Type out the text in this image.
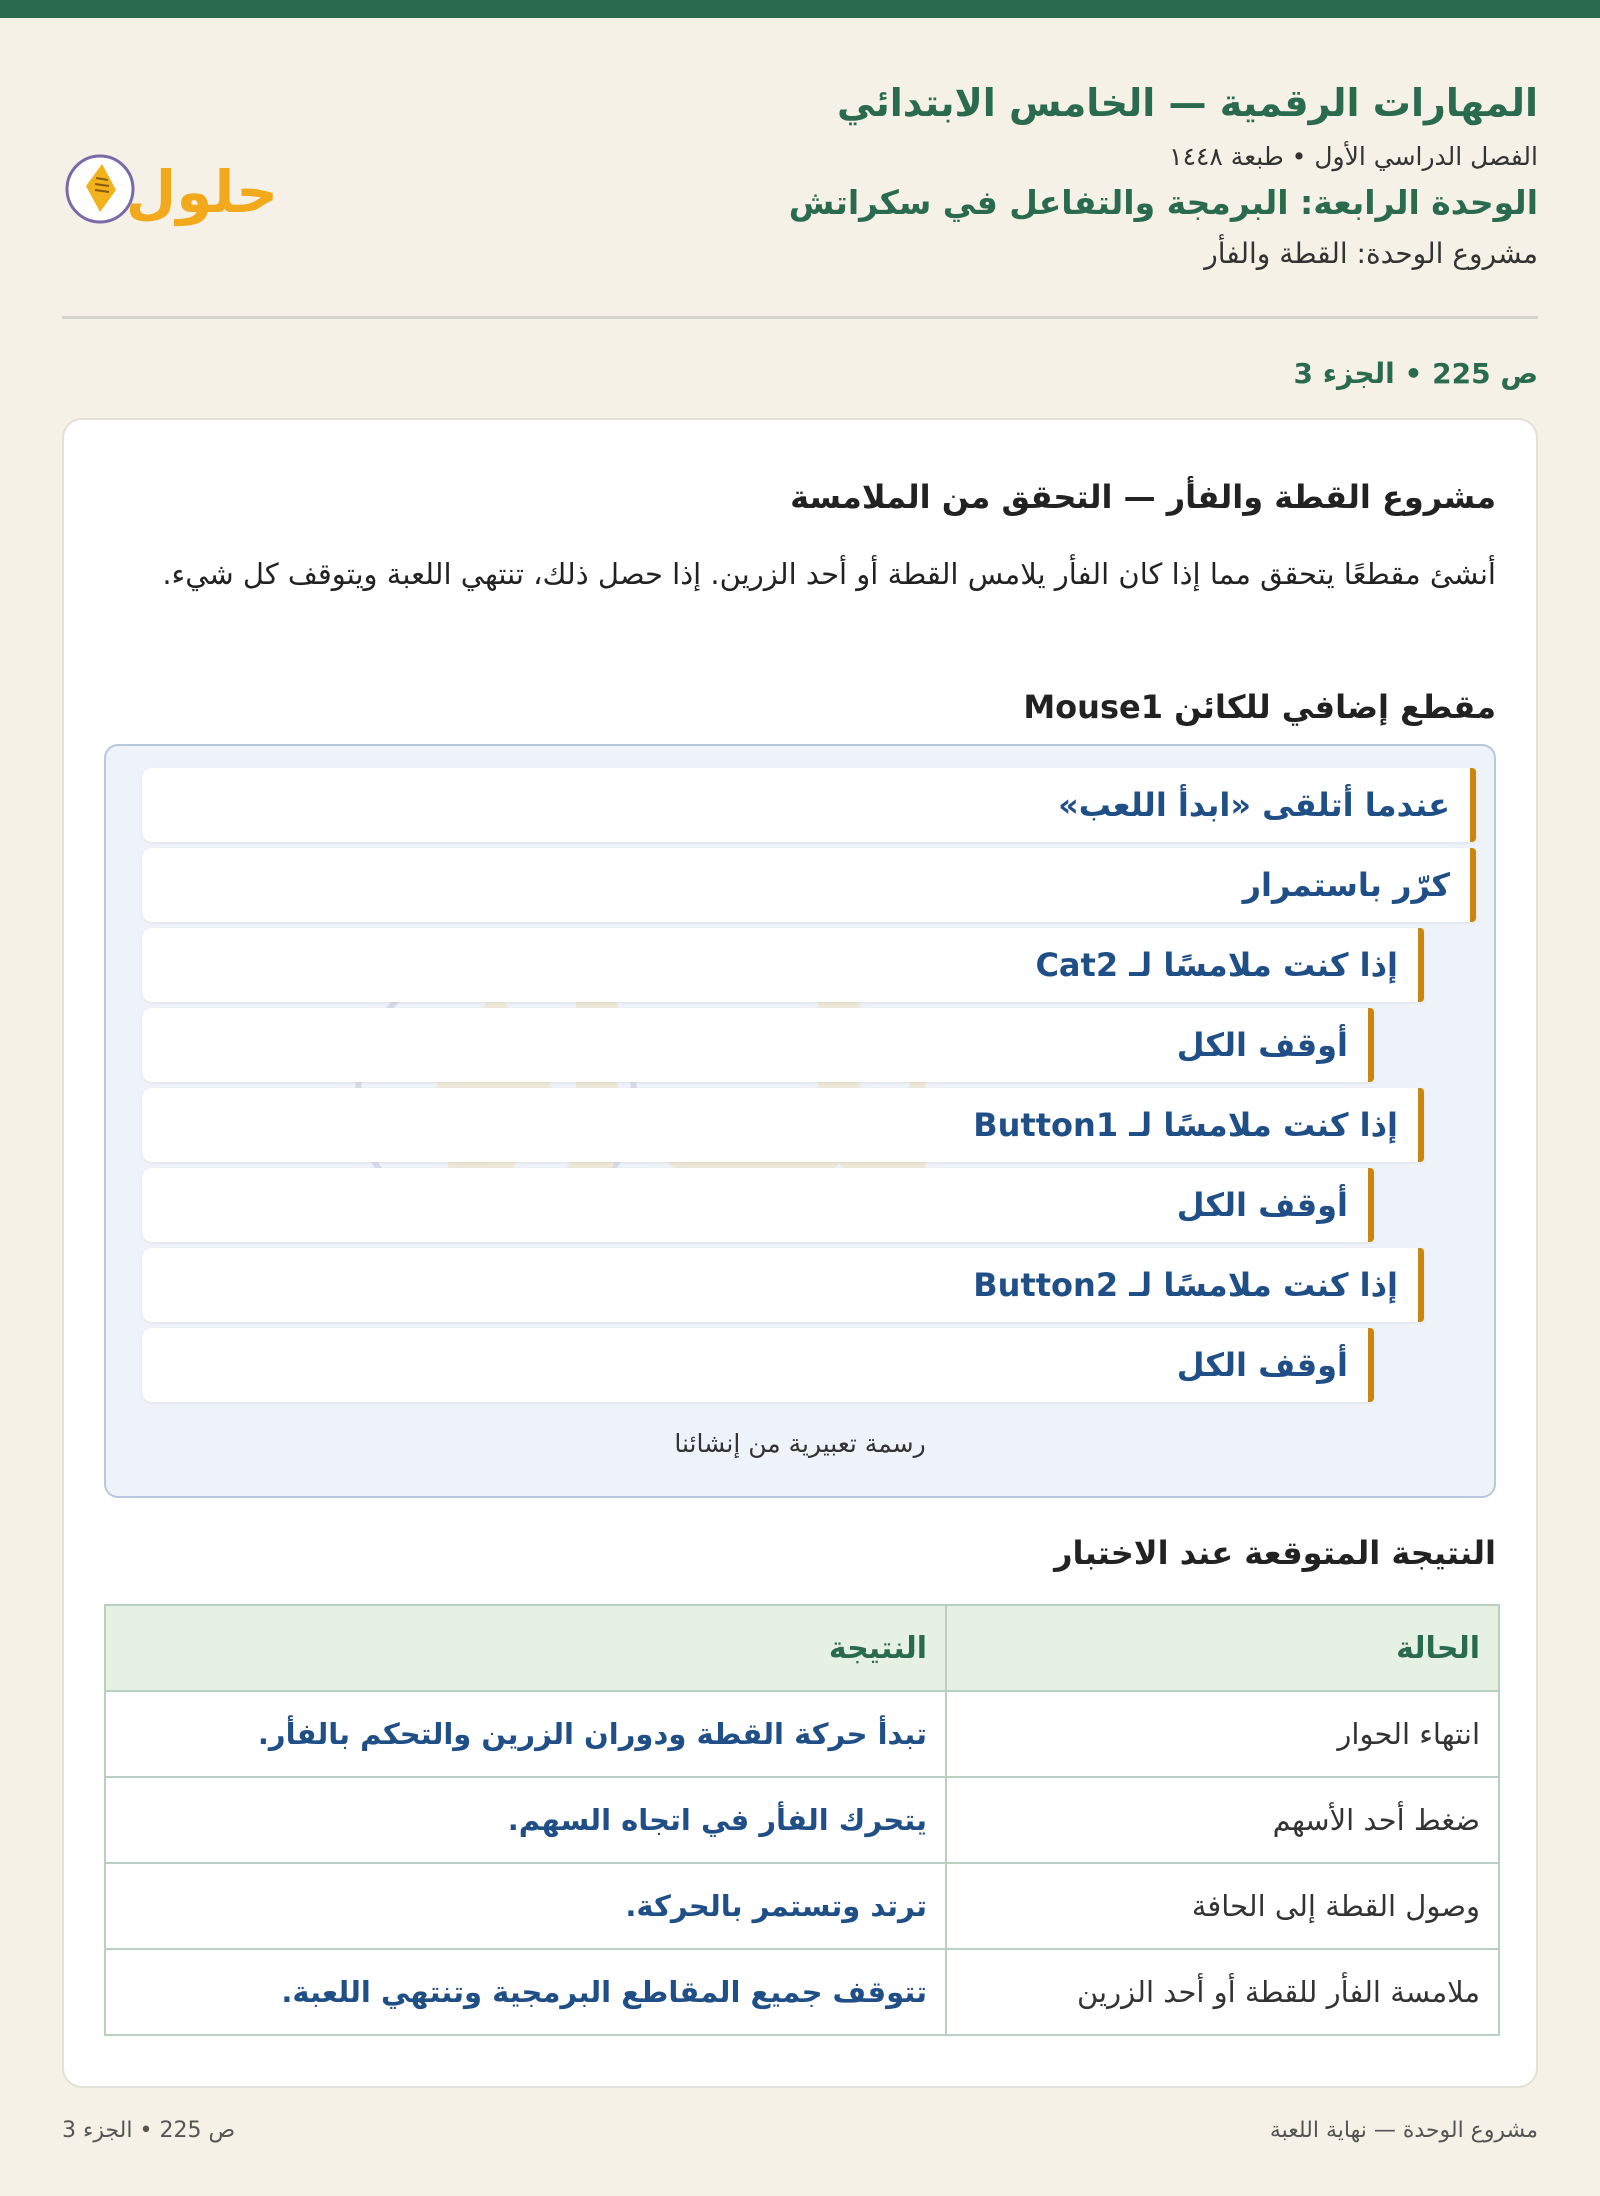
المهارات الرقمية — الخامس الابتدائي
الفصل الدراسي الأول • طبعة ١٤٤٨
الوحدة الرابعة: البرمجة والتفاعل في سكراتش
مشروع الوحدة: القطة والفأر
حلول
ص 225 • الجزء 3
مشروع القطة والفأر — التحقق من الملامسة
أنشئ مقطعًا يتحقق مما إذا كان الفأر يلامس القطة أو أحد الزرين. إذا حصل ذلك، تنتهي اللعبة ويتوقف كل شيء.
مقطع إضافي للكائن Mouse1
عندما أتلقى «ابدأ اللعب»
كرّر باستمرار
إذا كنت ملامسًا لـ Cat2
أوقف الكل
إذا كنت ملامسًا لـ Button1
أوقف الكل
إذا كنت ملامسًا لـ Button2
أوقف الكل
رسمة تعبيرية من إنشائنا
النتيجة المتوقعة عند الاختبار
الحالة	النتيجة
انتهاء الحوار	تبدأ حركة القطة ودوران الزرين والتحكم بالفأر.
ضغط أحد الأسهم	يتحرك الفأر في اتجاه السهم.
وصول القطة إلى الحافة	ترتد وتستمر بالحركة.
ملامسة الفأر للقطة أو أحد الزرين	تتوقف جميع المقاطع البرمجية وتنتهي اللعبة.
مشروع الوحدة — نهاية اللعبة
ص 225 • الجزء 3
